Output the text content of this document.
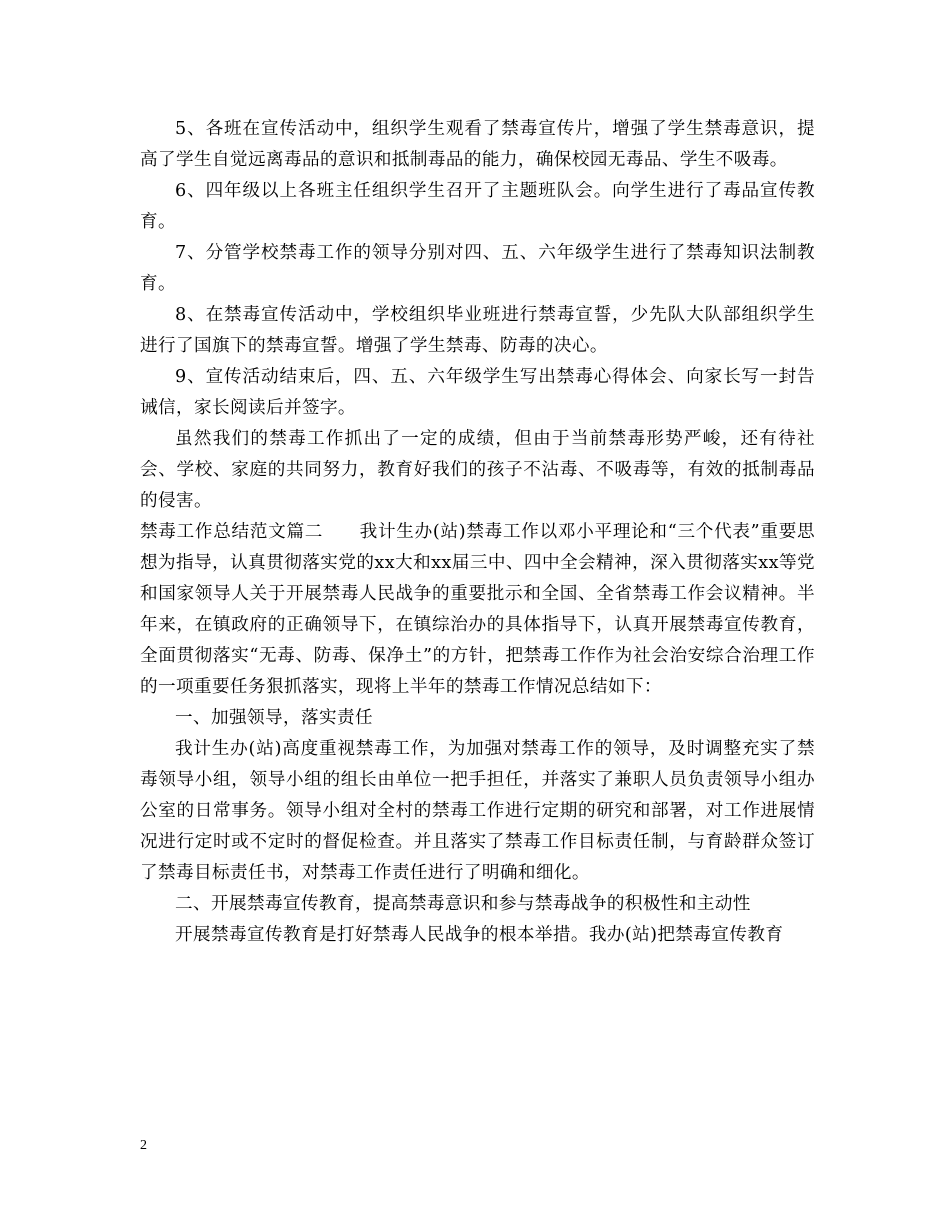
5、各班在宣传活动中，组织学生观看了禁毒宣传片，增强了学生禁毒意识，提高了学生自觉远离毒品的意识和抵制毒品的能力，确保校园无毒品、学生不吸毒。

6、四年级以上各班主任组织学生召开了主题班队会。向学生进行了毒品宣传教育。

7、分管学校禁毒工作的领导分别对四、五、六年级学生进行了禁毒知识法制教育。

8、在禁毒宣传活动中，学校组织毕业班进行禁毒宣誓，少先队大队部组织学生进行了国旗下的禁毒宣誓。增强了学生禁毒、防毒的决心。

9、宣传活动结束后，四、五、六年级学生写出禁毒心得体会、向家长写一封告诫信，家长阅读后并签字。

虽然我们的禁毒工作抓出了一定的成绩，但由于当前禁毒形势严峻，还有待社会、学校、家庭的共同努力，教育好我们的孩子不沾毒、不吸毒等，有效的抵制毒品的侵害。

禁毒工作总结范文篇二　　我计生办(站)禁毒工作以邓小平理论和“三个代表”重要思想为指导，认真贯彻落实党的xx大和xx届三中、四中全会精神，深入贯彻落实xx等党和国家领导人关于开展禁毒人民战争的重要批示和全国、全省禁毒工作会议精神。半年来，在镇政府的正确领导下，在镇综治办的具体指导下，认真开展禁毒宣传教育，全面贯彻落实“无毒、防毒、保净土”的方针，把禁毒工作作为社会治安综合治理工作的一项重要任务狠抓落实，现将上半年的禁毒工作情况总结如下：

一、加强领导，落实责任

我计生办(站)高度重视禁毒工作，为加强对禁毒工作的领导，及时调整充实了禁毒领导小组，领导小组的组长由单位一把手担任，并落实了兼职人员负责领导小组办公室的日常事务。领导小组对全村的禁毒工作进行定期的研究和部署，对工作进展情况进行定时或不定时的督促检查。并且落实了禁毒工作目标责任制，与育龄群众签订了禁毒目标责任书，对禁毒工作责任进行了明确和细化。

二、开展禁毒宣传教育，提高禁毒意识和参与禁毒战争的积极性和主动性

开展禁毒宣传教育是打好禁毒人民战争的根本举措。我办(站)把禁毒宣传教育

2
